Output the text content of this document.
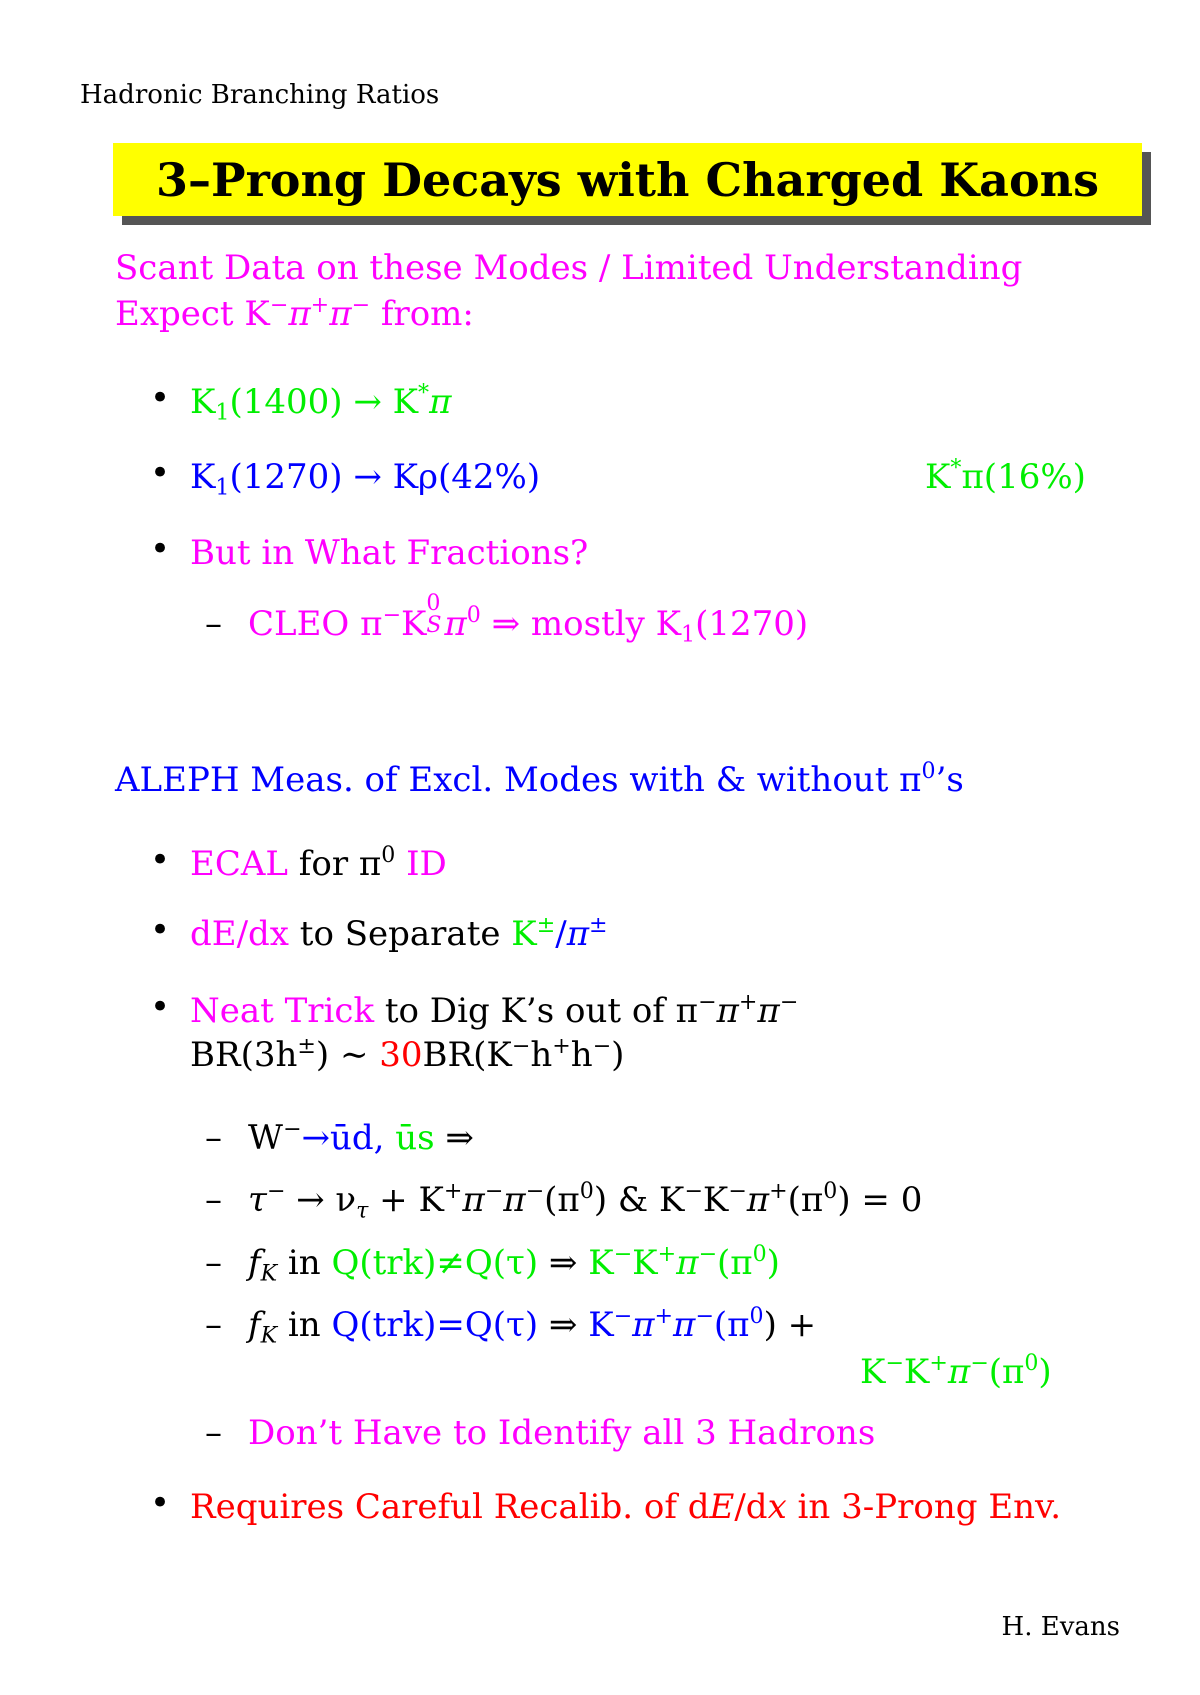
Hadronic Branching Ratios
3–Prong Decays with Charged Kaons
Scant Data on these Modes / Limited Understanding
Expect K−π+π− from:
• $K_1(1400) \to K^*\pi$
• $K_1(1270) \to K\rho(42\%)$	K*π(16%)
• But in What Fractions?
– CLEO π−K
0
S $\pi^0$ ⇒ mostly $K_1(1270)$
ALEPH Meas. of Excl. Modes with & without $\pi^0’s$
• ECAL for $\pi^0$ ID
• dE/dx to Separate K±/π±
• Neat Trick to Dig K’s out of π−π+π−
BR(3h±) ∼ 30BR(K−h+h−)
– W−→ūd, ūs ⇒
– $\tau^- \to \nu_\tau + K^+\pi^-\pi^-(\pi^0)$ & $K^-K^-\pi^+(\pi^0) = 0$
– $f_K$ in Q(trk)≠Q(τ) ⇒ $K^-K^+\pi^-(\pi^0)$
– $f_K$ in Q(trk)=Q(τ) ⇒ $K^-\pi^+\pi^-(\pi^0)$ +
$K^-K^+\pi^-(\pi^0)$
– Don’t Have to Identify all 3 Hadrons
• Requires Careful Recalib. of dE/dx in 3-Prong Env.
H. Evans
